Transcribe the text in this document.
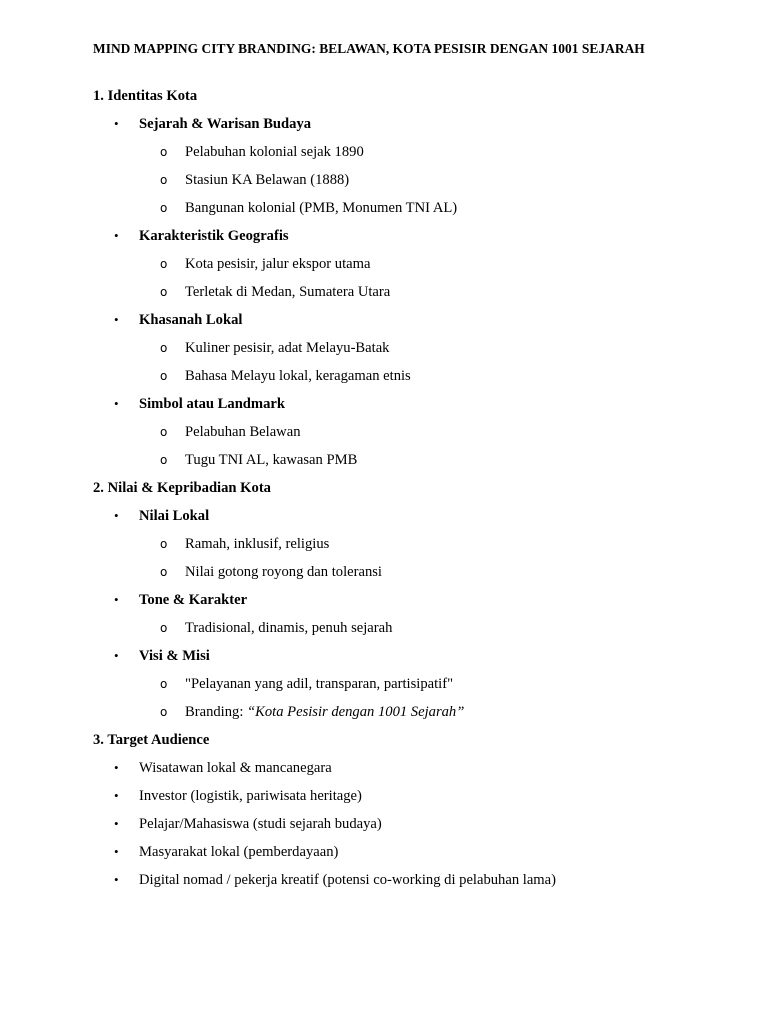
MIND MAPPING CITY BRANDING: BELAWAN, KOTA PESISIR DENGAN 1001 SEJARAH
1. Identitas Kota
• Sejarah & Warisan Budaya
o Pelabuhan kolonial sejak 1890
o Stasiun KA Belawan (1888)
o Bangunan kolonial (PMB, Monumen TNI AL)
• Karakteristik Geografis
o Kota pesisir, jalur ekspor utama
o Terletak di Medan, Sumatera Utara
• Khasanah Lokal
o Kuliner pesisir, adat Melayu-Batak
o Bahasa Melayu lokal, keragaman etnis
• Simbol atau Landmark
o Pelabuhan Belawan
o Tugu TNI AL, kawasan PMB
2. Nilai & Kepribadian Kota
• Nilai Lokal
o Ramah, inklusif, religius
o Nilai gotong royong dan toleransi
• Tone & Karakter
o Tradisional, dinamis, penuh sejarah
• Visi & Misi
o "Pelayanan yang adil, transparan, partisipatif"
o Branding: “Kota Pesisir dengan 1001 Sejarah”
3. Target Audience
• Wisatawan lokal & mancanegara
• Investor (logistik, pariwisata heritage)
• Pelajar/Mahasiswa (studi sejarah budaya)
• Masyarakat lokal (pemberdayaan)
• Digital nomad / pekerja kreatif (potensi co-working di pelabuhan lama)
